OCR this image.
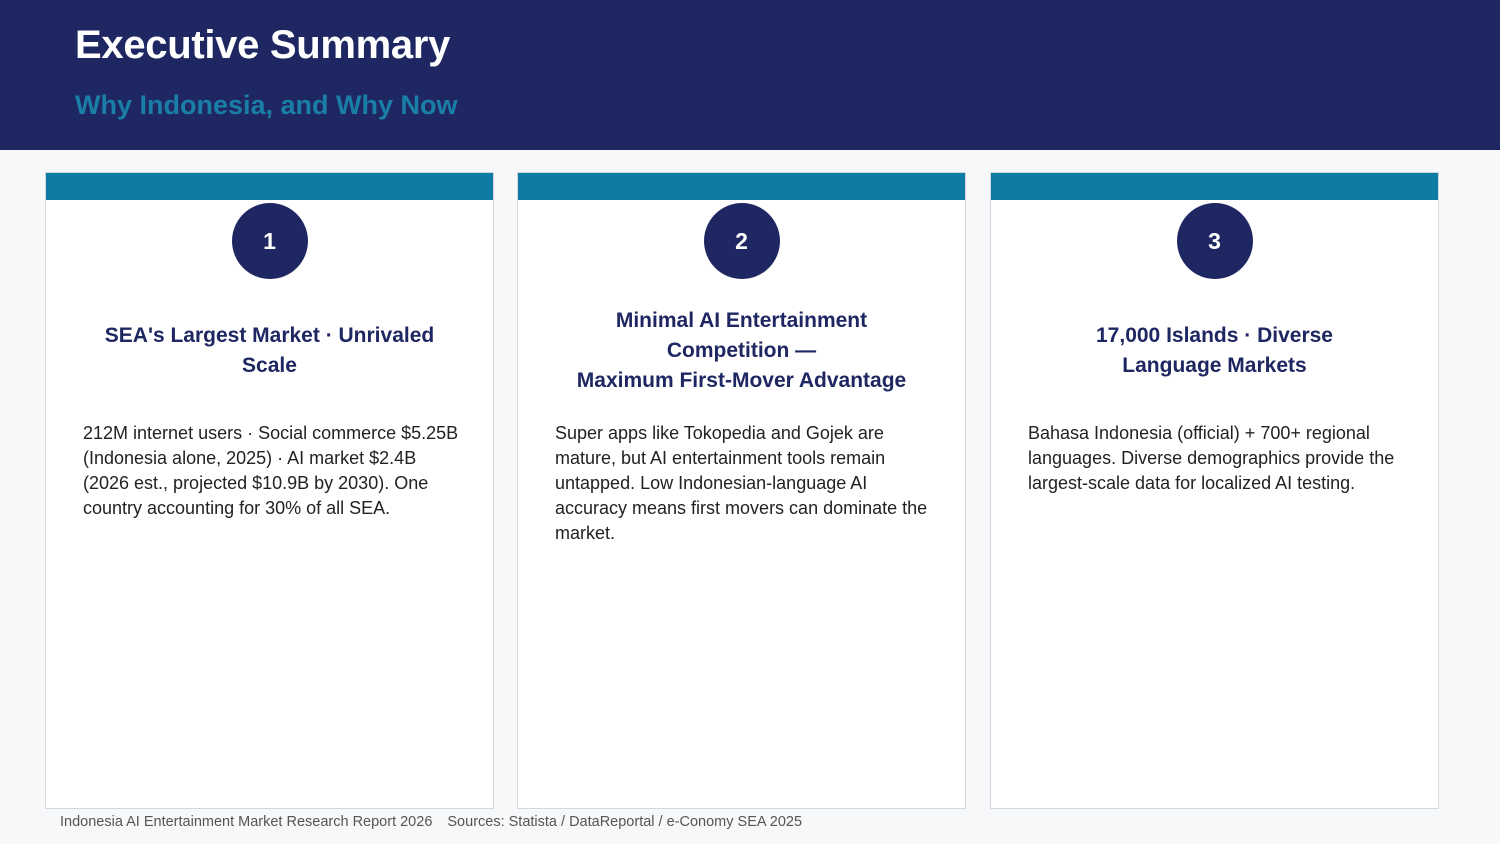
Executive Summary
Why Indonesia, and Why Now
1
SEA's Largest Market · Unrivaled
Scale

212M internet users · Social commerce $5.25B (Indonesia alone, 2025) · AI market $2.4B (2026 est., projected $10.9B by 2030). One country accounting for 30% of all SEA.

2
Minimal AI Entertainment
Competition —
Maximum First-Mover Advantage

Super apps like Tokopedia and Gojek are mature, but AI entertainment tools remain untapped. Low Indonesian-language AI accuracy means first movers can dominate the market.

3
17,000 Islands · Diverse
Language Markets

Bahasa Indonesia (official) + 700+ regional languages. Diverse demographics provide the largest-scale data for localized AI testing.

Indonesia AI Entertainment Market Research Report 2026 Sources: Statista / DataReportal / e-Conomy SEA 2025
